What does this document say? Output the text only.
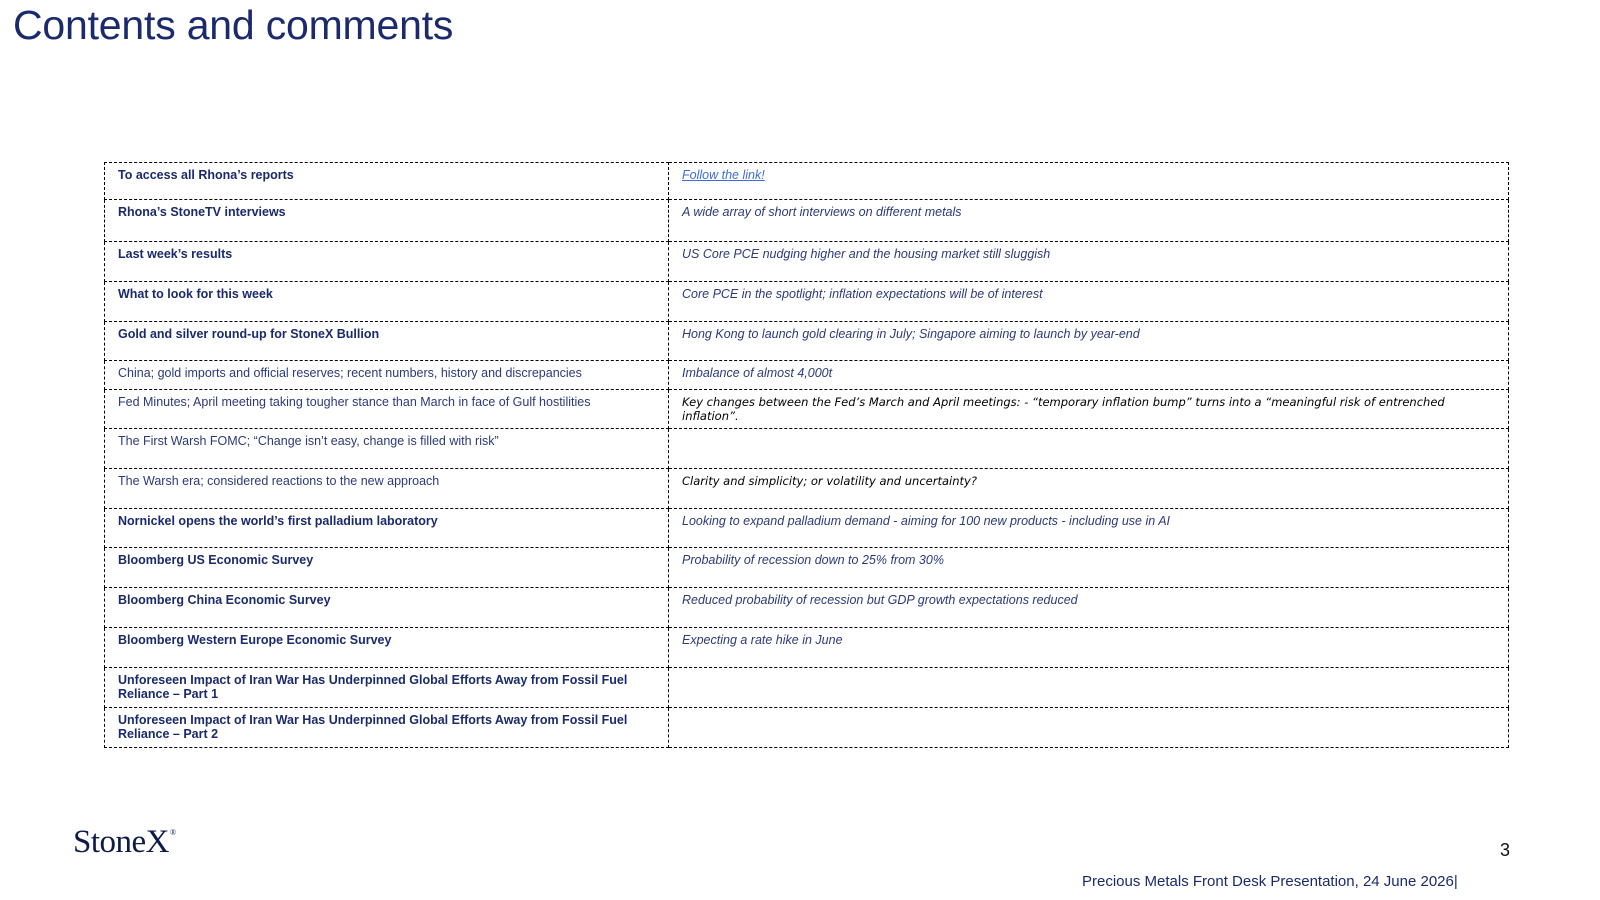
Contents and comments
To access all Rhona’s reports	Follow the link!
Rhona’s StoneTV interviews	A wide array of short interviews on different metals
Last week’s results	US Core PCE nudging higher and the housing market still sluggish
What to look for this week	Core PCE in the spotlight; inflation expectations will be of interest
Gold and silver round-up for StoneX Bullion	Hong Kong to launch gold clearing in July; Singapore aiming to launch by year-end
China; gold imports and official reserves; recent numbers, history and discrepancies	Imbalance of almost 4,000t
Fed Minutes; April meeting taking tougher stance than March in face of Gulf hostilities	Key changes between the Fed’s March and April meetings: - “temporary inflation bump” turns into a “meaningful risk of entrenched inflation”.
The First Warsh FOMC; “Change isn’t easy, change is filled with risk”	
The Warsh era; considered reactions to the new approach	Clarity and simplicity; or volatility and uncertainty?
Nornickel opens the world’s first palladium laboratory	Looking to expand palladium demand - aiming for 100 new products - including use in AI
Bloomberg US Economic Survey	Probability of recession down to 25% from 30%
Bloomberg China Economic Survey	Reduced probability of recession but GDP growth expectations reduced
Bloomberg Western Europe Economic Survey	Expecting a rate hike in June
Unforeseen Impact of Iran War Has Underpinned Global Efforts Away from Fossil Fuel Reliance – Part 1	
Unforeseen Impact of Iran War Has Underpinned Global Efforts Away from Fossil Fuel Reliance – Part 2	
StoneX®
3
Precious Metals Front Desk Presentation, 24 June 2026|
